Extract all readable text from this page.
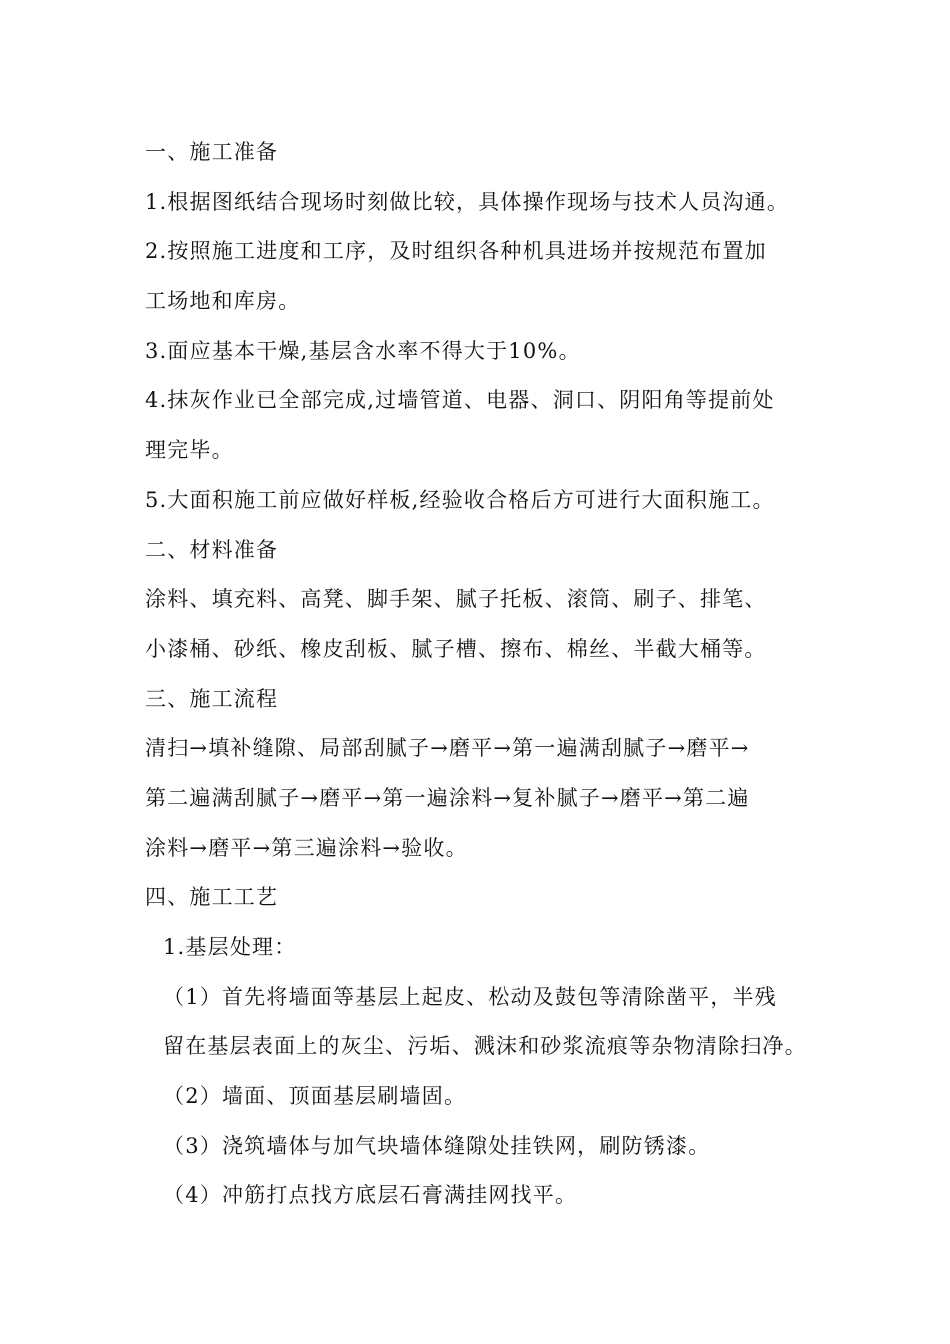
一、施工准备
1.根据图纸结合现场时刻做比较，具体操作现场与技术人员沟通。
2.按照施工进度和工序，及时组织各种机具进场并按规范布置加
工场地和库房。
3.面应基本干燥,基层含水率不得大于10%。
4.抹灰作业已全部完成,过墙管道、电器、洞口、阴阳角等提前处
理完毕。
5.大面积施工前应做好样板,经验收合格后方可进行大面积施工。
二、材料准备
涂料、填充料、高凳、脚手架、腻子托板、滚筒、刷子、排笔、
小漆桶、砂纸、橡皮刮板、腻子槽、擦布、棉丝、半截大桶等。
三、施工流程
清扫→填补缝隙、局部刮腻子→磨平→第一遍满刮腻子→磨平→
第二遍满刮腻子→磨平→第一遍涂料→复补腻子→磨平→第二遍
涂料→磨平→第三遍涂料→验收。
四、施工工艺
1.基层处理：
（1）首先将墙面等基层上起皮、松动及鼓包等清除凿平，半残
留在基层表面上的灰尘、污垢、溅沫和砂浆流痕等杂物清除扫净。
（2）墙面、顶面基层刷墙固。
（3）浇筑墙体与加气块墙体缝隙处挂铁网，刷防锈漆。
（4）冲筋打点找方底层石膏满挂网找平。
